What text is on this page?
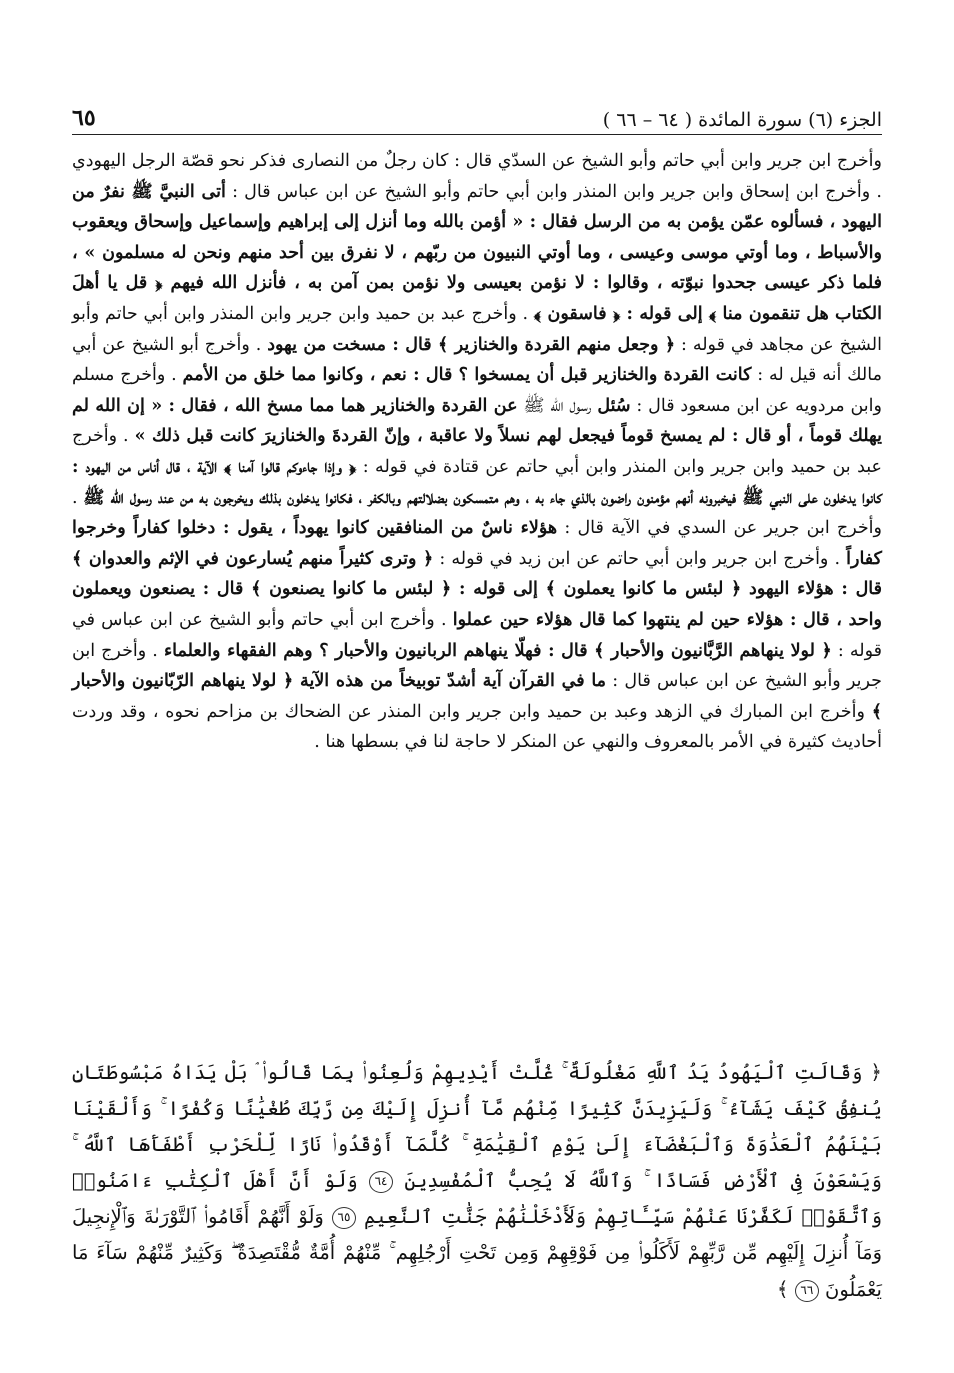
٦٥	الجزء (٦) سورة المائدة ( ٦٤ – ٦٦ )
وأخرج ابن جرير وابن أبي حاتم وأبو الشيخ عن السدّي قال : كان رجلٌ من النصارى فذكر نحو قصّة الرجل اليهودي . وأخرج ابن إسحاق وابن جرير وابن المنذر وابن أبي حاتم وأبو الشيخ عن ابن عباس قال : أتى النبيَّ ﷺ نفرٌ من اليهود ، فسألوه عمّن يؤمن به من الرسل فقال : « أؤمن بالله وما أنزل إلى إبراهيم وإسماعيل وإسحاق ويعقوب والأسباط ، وما أوتي موسى وعيسى ، وما أوتي النبيون من ربّهم ، لا نفرق بين أحد منهم ونحن له مسلمون » ، فلما ذكر عيسى جحدوا نبوّته ، وقالوا : لا نؤمن بعيسى ولا نؤمن بمن آمن به ، فأنزل الله فيهم ﴿ قل يا أهلَ الكتاب هل تنقمون منا ﴾ إلى قوله : ﴿ فاسقون ﴾ . وأخرج عبد بن حميد وابن جرير وابن المنذر وابن أبي حاتم وأبو الشيخ عن مجاهد في قوله : ﴿ وجعل منهم القردة والخنازير ﴾ قال : مسخت من يهود . وأخرج أبو الشيخ عن أبي مالك أنه قيل له : كانت القردة والخنازير قبل أن يمسخوا ؟ قال : نعم ، وكانوا مما خلق من الأمم . وأخرج مسلم وابن مردويه عن ابن مسعود قال : سُئل رسول الله ﷺ عن القردة والخنازير هما مما مسخ الله ، فقال : « إن الله لم يهلك قوماً ، أو قال : لم يمسخ قوماً فيجعل لهم نسلاً ولا عاقبة ، وإنّ القردةَ والخنازيرَ كانت قبل ذلك » . وأخرج عبد بن حميد وابن جرير وابن المنذر وابن أبي حاتم عن قتادة في قوله : ﴿ وإذا جاءوكم قالوا آمنا ﴾ الآية ، قال أناس من اليهود : كانوا يدخلون على النبي ﷺ فيخبرونه أنهم مؤمنون راضون بالذي جاء به ، وهم متمسكون بضلالتهم وبالكفر ، فكانوا يدخلون بذلك ويخرجون به من عند رسول الله ﷺ . وأخرج ابن جرير عن السدي في الآية قال : هؤلاء ناسٌ من المنافقين كانوا يهوداً ، يقول : دخلوا كفاراً وخرجوا كفاراً . وأخرج ابن جرير وابن أبي حاتم عن ابن زيد في قوله : ﴿ وترى كثيراً منهم يُسارعون في الإثم والعدوان ﴾ قال : هؤلاء اليهود ﴿ لبئس ما كانوا يعملون ﴾ إلى قوله : ﴿ لبئس ما كانوا يصنعون ﴾ قال : يصنعون ويعملون واحد ، قال : هؤلاء حين لم ينتهوا كما قال هؤلاء حين عملوا . وأخرج ابن أبي حاتم وأبو الشيخ عن ابن عباس في قوله : ﴿ لولا ينهاهم الرَّبَّانيون والأحبار ﴾ قال : فهلّا ينهاهم الربانيون والأحبار ؟ وهم الفقهاء والعلماء . وأخرج ابن جرير وأبو الشيخ عن ابن عباس قال : ما في القرآن آية أشدّ توبيخاً من هذه الآية ﴿ لولا ينهاهم الرّبّانيون والأحبار ﴾ وأخرج ابن المبارك في الزهد وعبد بن حميد وابن جرير وابن المنذر عن الضحاك بن مزاحم نحوه ، وقد وردت أحاديث كثيرة في الأمر بالمعروف والنهي عن المنكر لا حاجة لنا في بسطها هنا .
﴿ وَقَالَتِ ٱلْيَهُودُ يَدُ ٱللَّهِ مَغْلُولَةٌ ۚ غُلَّتْ أَيْدِيهِمْ وَلُعِنُوا۟ بِمَا قَالُوا۟ ۘ بَلْ يَدَاهُ مَبْسُوطَتَانِ يُنفِقُ كَيْفَ يَشَآءُ ۚ وَلَيَزِيدَنَّ كَثِيرًا مِّنْهُم مَّآ أُنزِلَ إِلَيْكَ مِن رَّبِّكَ طُغْيَٰنًا وَكُفْرًا ۚ وَأَلْقَيْنَا بَيْنَهُمُ ٱلْعَدَٰوَةَ وَٱلْبَغْضَآءَ إِلَىٰ يَوْمِ ٱلْقِيَٰمَةِ ۚ كُلَّمَآ أَوْقَدُوا۟ نَارًا لِّلْحَرْبِ أَطْفَأَهَا ٱللَّهُ ۚ وَيَسْعَوْنَ فِى ٱلْأَرْضِ فَسَادًا ۚ وَٱللَّهُ لَا يُحِبُّ ٱلْمُفْسِدِينَ ٦٤ وَلَوْ أَنَّ أَهْلَ ٱلْكِتَٰبِ ءَامَنُوا۟ وَٱتَّقَوْا۟ لَكَفَّرْنَا عَنْهُمْ سَيِّـَٔاتِهِمْ وَلَأَدْخَلْنَٰهُمْ جَنَّٰتِ ٱلنَّعِيمِ ٦٥ وَلَوْ أَنَّهُمْ أَقَامُوا۟ ٱلتَّوْرَىٰةَ وَٱلْإِنجِيلَ وَمَآ أُنزِلَ إِلَيْهِم مِّن رَّبِّهِمْ لَأَكَلُوا۟ مِن فَوْقِهِمْ وَمِن تَحْتِ أَرْجُلِهِم ۚ مِّنْهُمْ أُمَّةٌ مُّقْتَصِدَةٌ ۖ وَكَثِيرٌ مِّنْهُمْ سَآءَ مَا يَعْمَلُونَ ٦٦ ﴾
